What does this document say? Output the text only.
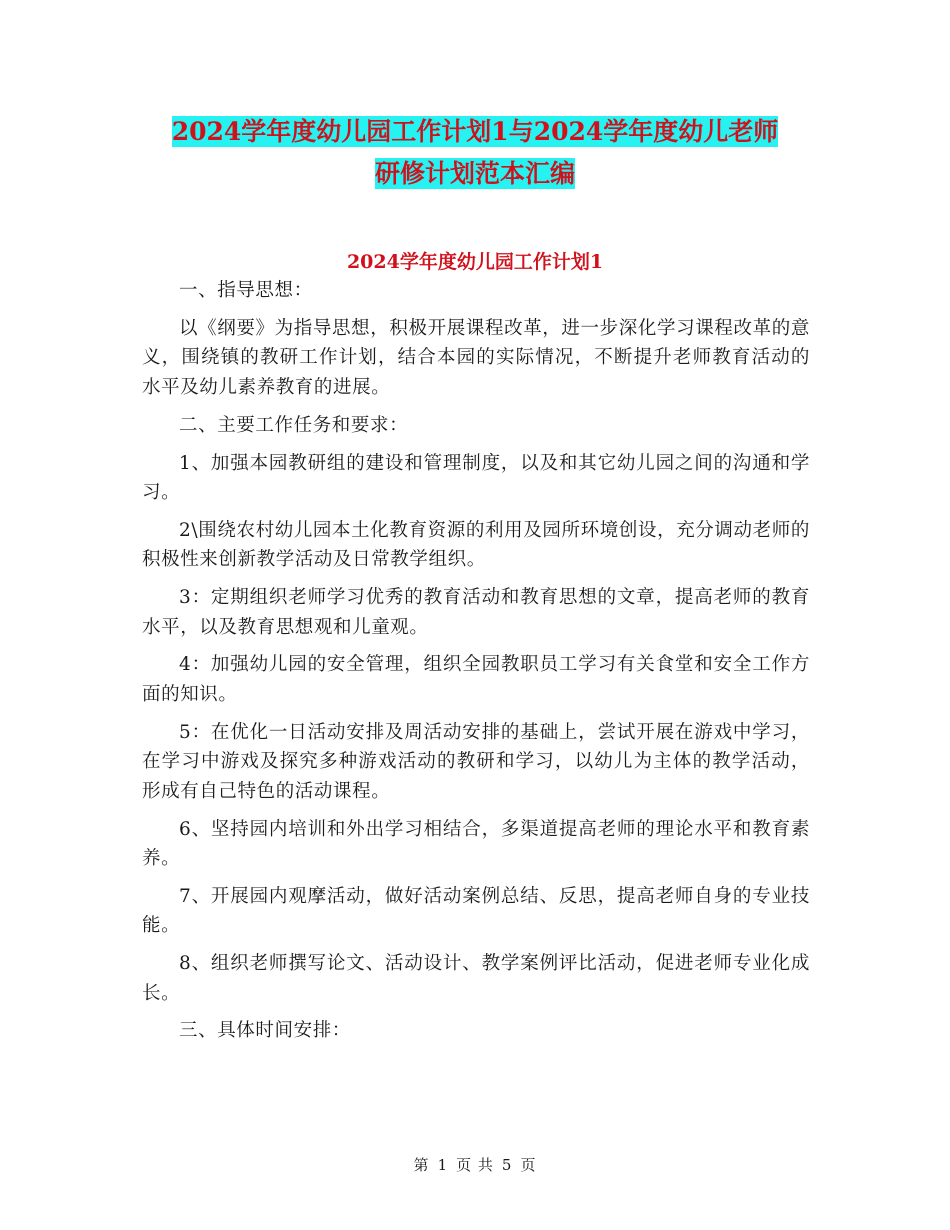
2024学年度幼儿园工作计划1与2024学年度幼儿老师
研修计划范本汇编
2024学年度幼儿园工作计划1

一、指导思想：

以《纲要》为指导思想，积极开展课程改革，进一步深化学习课程改革的意义，围绕镇的教研工作计划，结合本园的实际情况，不断提升老师教育活动的水平及幼儿素养教育的进展。

二、主要工作任务和要求：

1、加强本园教研组的建设和管理制度，以及和其它幼儿园之间的沟通和学习。

2\围绕农村幼儿园本土化教育资源的利用及园所环境创设，充分调动老师的积极性来创新教学活动及日常教学组织。

3：定期组织老师学习优秀的教育活动和教育思想的文章，提高老师的教育水平，以及教育思想观和儿童观。

4：加强幼儿园的安全管理，组织全园教职员工学习有关食堂和安全工作方面的知识。

5：在优化一日活动安排及周活动安排的基础上，尝试开展在游戏中学习，在学习中游戏及探究多种游戏活动的教研和学习，以幼儿为主体的教学活动，形成有自己特色的活动课程。

6、坚持园内培训和外出学习相结合，多渠道提高老师的理论水平和教育素养。

7、开展园内观摩活动，做好活动案例总结、反思，提高老师自身的专业技能。

8、组织老师撰写论文、活动设计、教学案例评比活动，促进老师专业化成长。

三、具体时间安排：

第 1 页 共 5 页
